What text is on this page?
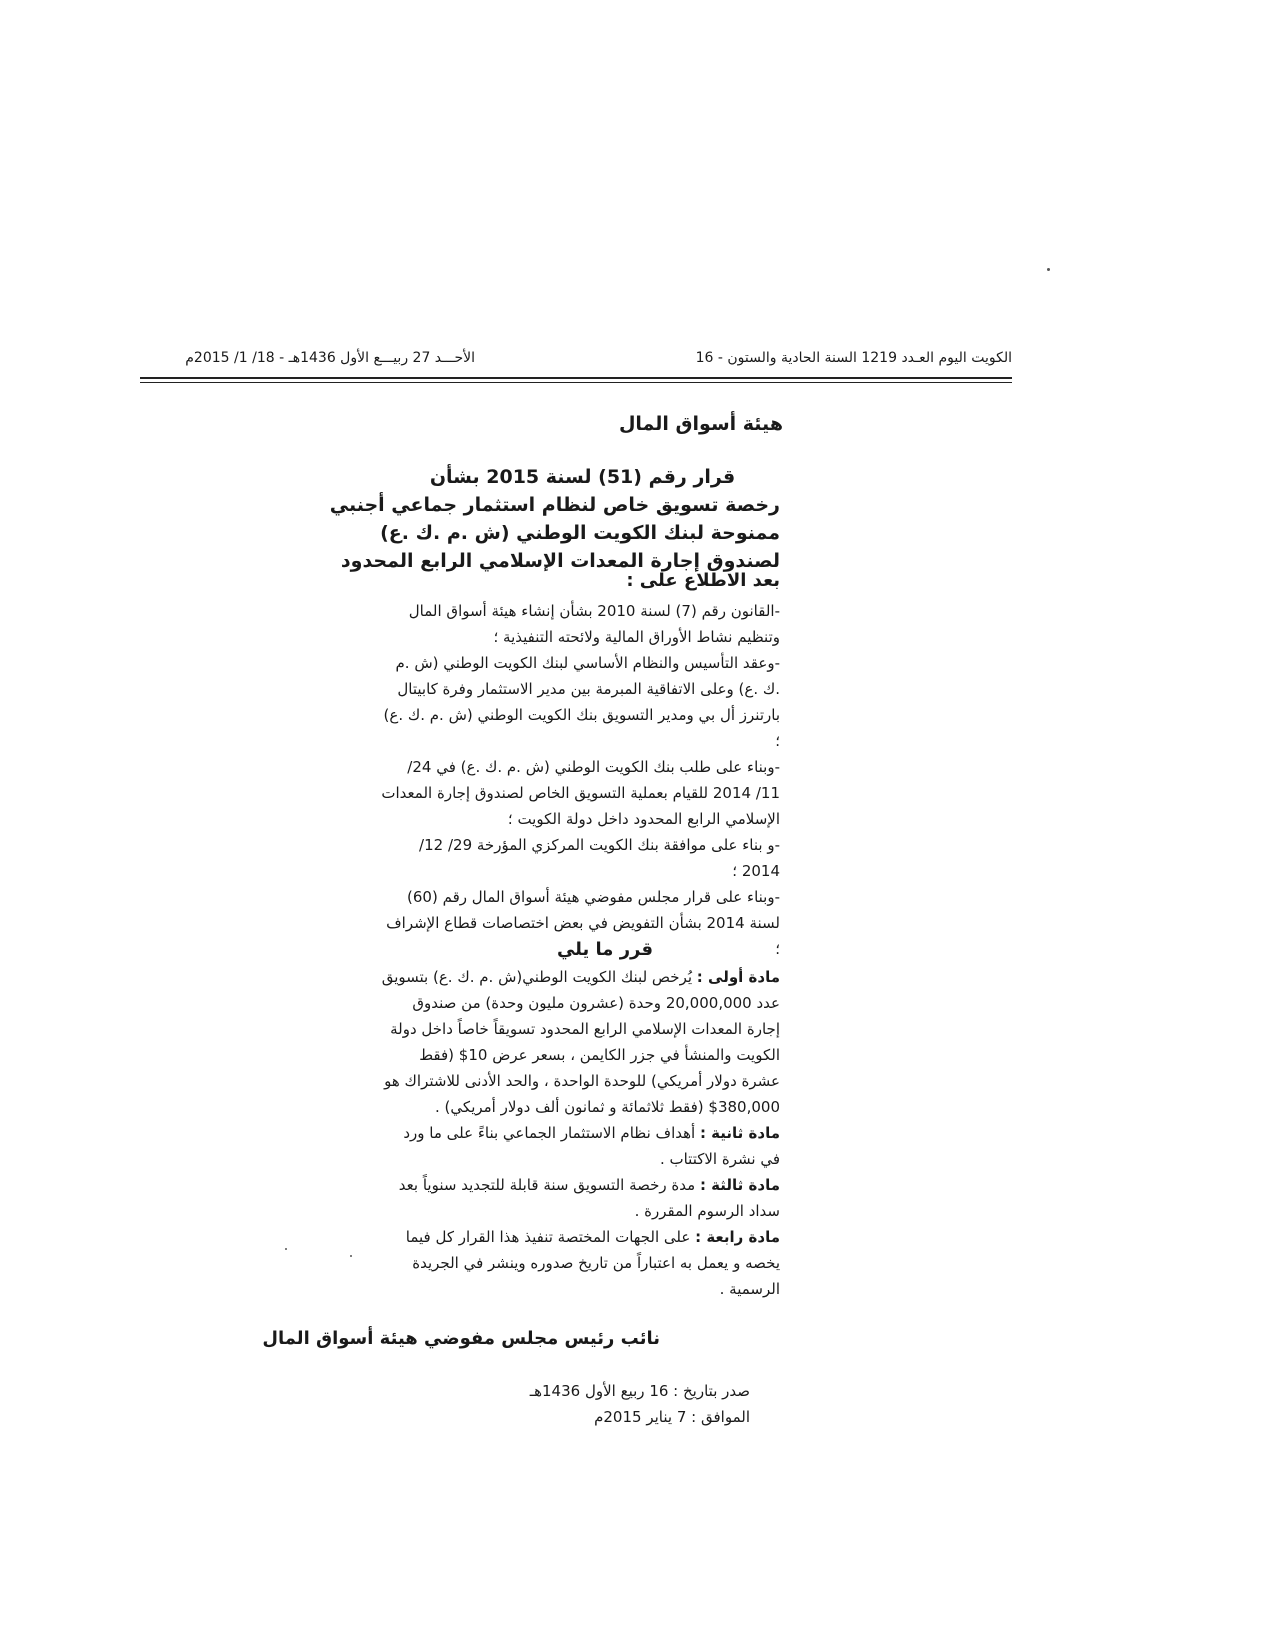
الكويت اليوم العـدد 1219 السنة الحادية والستون - 16
الأحـــد 27 ربيـــع الأول 1436هـ - 18/ 1/ 2015م
هيئة أسواق المال
قرار رقم (51) لسنة 2015 بشأن
رخصة تسويق خاص لنظام استثمار جماعي أجنبي
ممنوحة لبنك الكويت الوطني (ش .م .ك .ع)
لصندوق إجارة المعدات الإسلامي الرابع المحدود
بعد الاطلاع على :

-القانون رقم (7) لسنة 2010 بشأن إنشاء هيئة أسواق المال وتنظيم نشاط الأوراق المالية ولائحته التنفيذية ؛

-وعقد التأسيس والنظام الأساسي لبنك الكويت الوطني (ش .م .ك .ع) وعلى الاتفاقية المبرمة بين مدير الاستثمار وفرة كابيتال بارتنرز أل بي ومدير التسويق بنك الكويت الوطني (ش .م .ك .ع) ؛

-وبناء على طلب بنك الكويت الوطني (ش .م .ك .ع) في 24/ 11/ 2014 للقيام بعملية التسويق الخاص لصندوق إجارة المعدات الإسلامي الرابع المحدود داخل دولة الكويت ؛

-و بناء على موافقة بنك الكويت المركزي المؤرخة 29/ 12/ 2014 ؛

-وبناء على قرار مجلس مفوضي هيئة أسواق المال رقم (60) لسنة 2014 بشأن التفويض في بعض اختصاصات قطاع الإشراف ؛

قرر ما يلي

مادة أولى : يُرخص لبنك الكويت الوطني(ش .م .ك .ع) بتسويق عدد 20,000,000 وحدة (عشرون مليون وحدة) من صندوق إجارة المعدات الإسلامي الرابع المحدود تسويقاً خاصاً داخل دولة الكويت والمنشأ في جزر الكايمن ، بسعر عرض 10$ (فقط عشرة دولار أمريكي) للوحدة الواحدة ، والحد الأدنى للاشتراك هو 380,000$ (فقط ثلاثمائة و ثمانون ألف دولار أمريكي) .

مادة ثانية : أهداف نظام الاستثمار الجماعي بناءً على ما ورد في نشرة الاكتتاب .

مادة ثالثة : مدة رخصة التسويق سنة قابلة للتجديد سنوياً بعد سداد الرسوم المقررة .

مادة رابعة : على الجهات المختصة تنفيذ هذا القرار كل فيما يخصه و يعمل به اعتباراً من تاريخ صدوره وينشر في الجريدة الرسمية .

نائب رئيس مجلس مفوضي هيئة أسواق المال
صدر بتاريخ : 16 ربيع الأول 1436هـ
الموافق : 7 يناير 2015م
